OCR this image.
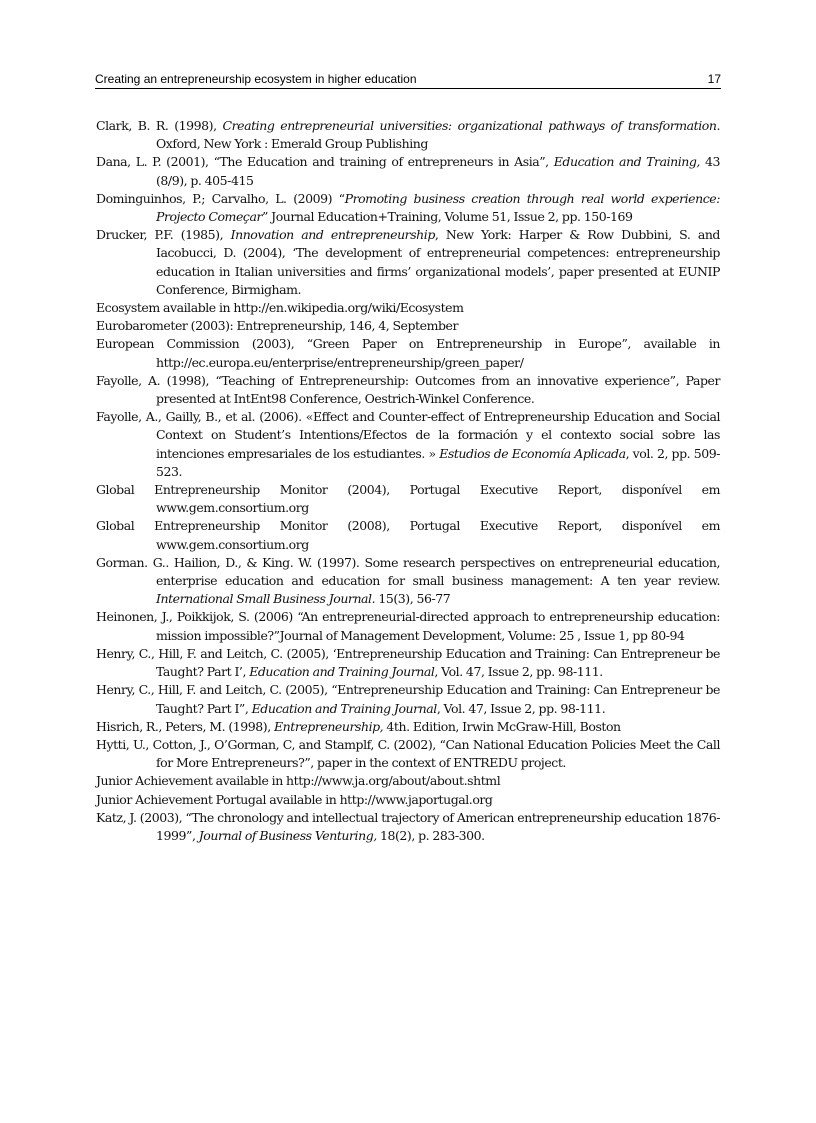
Creating an entrepreneurship ecosystem in higher education	17

Clark, B. R. (1998), Creating entrepreneurial universities: organizational pathways of transformation. Oxford, New York : Emerald Group Publishing

Dana, L. P. (2001), “The Education and training of entrepreneurs in Asia”, Education and Training, 43 (8/9), p. 405-415

Dominguinhos, P.; Carvalho, L. (2009) “Promoting business creation through real world experience: Projecto Começar” Journal Education+Training, Volume 51, Issue 2, pp. 150-169

Drucker, P.F. (1985), Innovation and entrepreneurship, New York: Harper & Row Dubbini, S. and Iacobucci, D. (2004), ‘The development of entrepreneurial competences: entrepreneurship education in Italian universities and firms’ organizational models’, paper presented at EUNIP Conference, Birmigham.

Ecosystem available in http://en.wikipedia.org/wiki/Ecosystem

Eurobarometer (2003): Entrepreneurship, 146, 4, September

European Commission (2003), “Green Paper on Entrepreneurship in Europe”, available in http://ec.europa.eu/enterprise/entrepreneurship/green_paper/

Fayolle, A. (1998), “Teaching of Entrepreneurship: Outcomes from an innovative experience”, Paper presented at IntEnt98 Conference, Oestrich-Winkel Conference.

Fayolle, A., Gailly, B., et al. (2006). «Effect and Counter-effect of Entrepreneurship Education and Social Context on Student’s Intentions/Efectos de la formación y el contexto social sobre las intenciones empresariales de los estudiantes. » Estudios de Economía Aplicada, vol. 2, pp. 509-523.

Global Entrepreneurship Monitor (2004), Portugal Executive Report, disponível em www.gem.consortium.org

Global Entrepreneurship Monitor (2008), Portugal Executive Report, disponível em www.gem.consortium.org

Gorman. G.. Hailion, D., & King. W. (1997). Some research perspectives on entrepreneurial education, enterprise education and education for small business management: A ten year review. International Small Business Journal. 15(3), 56-77

Heinonen, J., Poikkijok, S. (2006) “An entrepreneurial-directed approach to entrepreneurship education: mission impossible?”Journal of Management Development, Volume: 25 , Issue 1, pp 80-94

Henry, C., Hill, F. and Leitch, C. (2005), ‘Entrepreneurship Education and Training: Can Entrepreneur be Taught? Part I’, Education and Training Journal, Vol. 47, Issue 2, pp. 98-111.

Henry, C., Hill, F. and Leitch, C. (2005), “Entrepreneurship Education and Training: Can Entrepreneur be Taught? Part I”, Education and Training Journal, Vol. 47, Issue 2, pp. 98-111.

Hisrich, R., Peters, M. (1998), Entrepreneurship, 4th. Edition, Irwin McGraw-Hill, Boston

Hytti, U., Cotton, J., O’Gorman, C, and Stamplf, C. (2002), “Can National Education Policies Meet the Call for More Entrepreneurs?”, paper in the context of ENTREDU project.

Junior Achievement available in http://www.ja.org/about/about.shtml

Junior Achievement Portugal available in http://www.japortugal.org

Katz, J. (2003), “The chronology and intellectual trajectory of American entrepreneurship education 1876-1999”, Journal of Business Venturing, 18(2), p. 283-300.
